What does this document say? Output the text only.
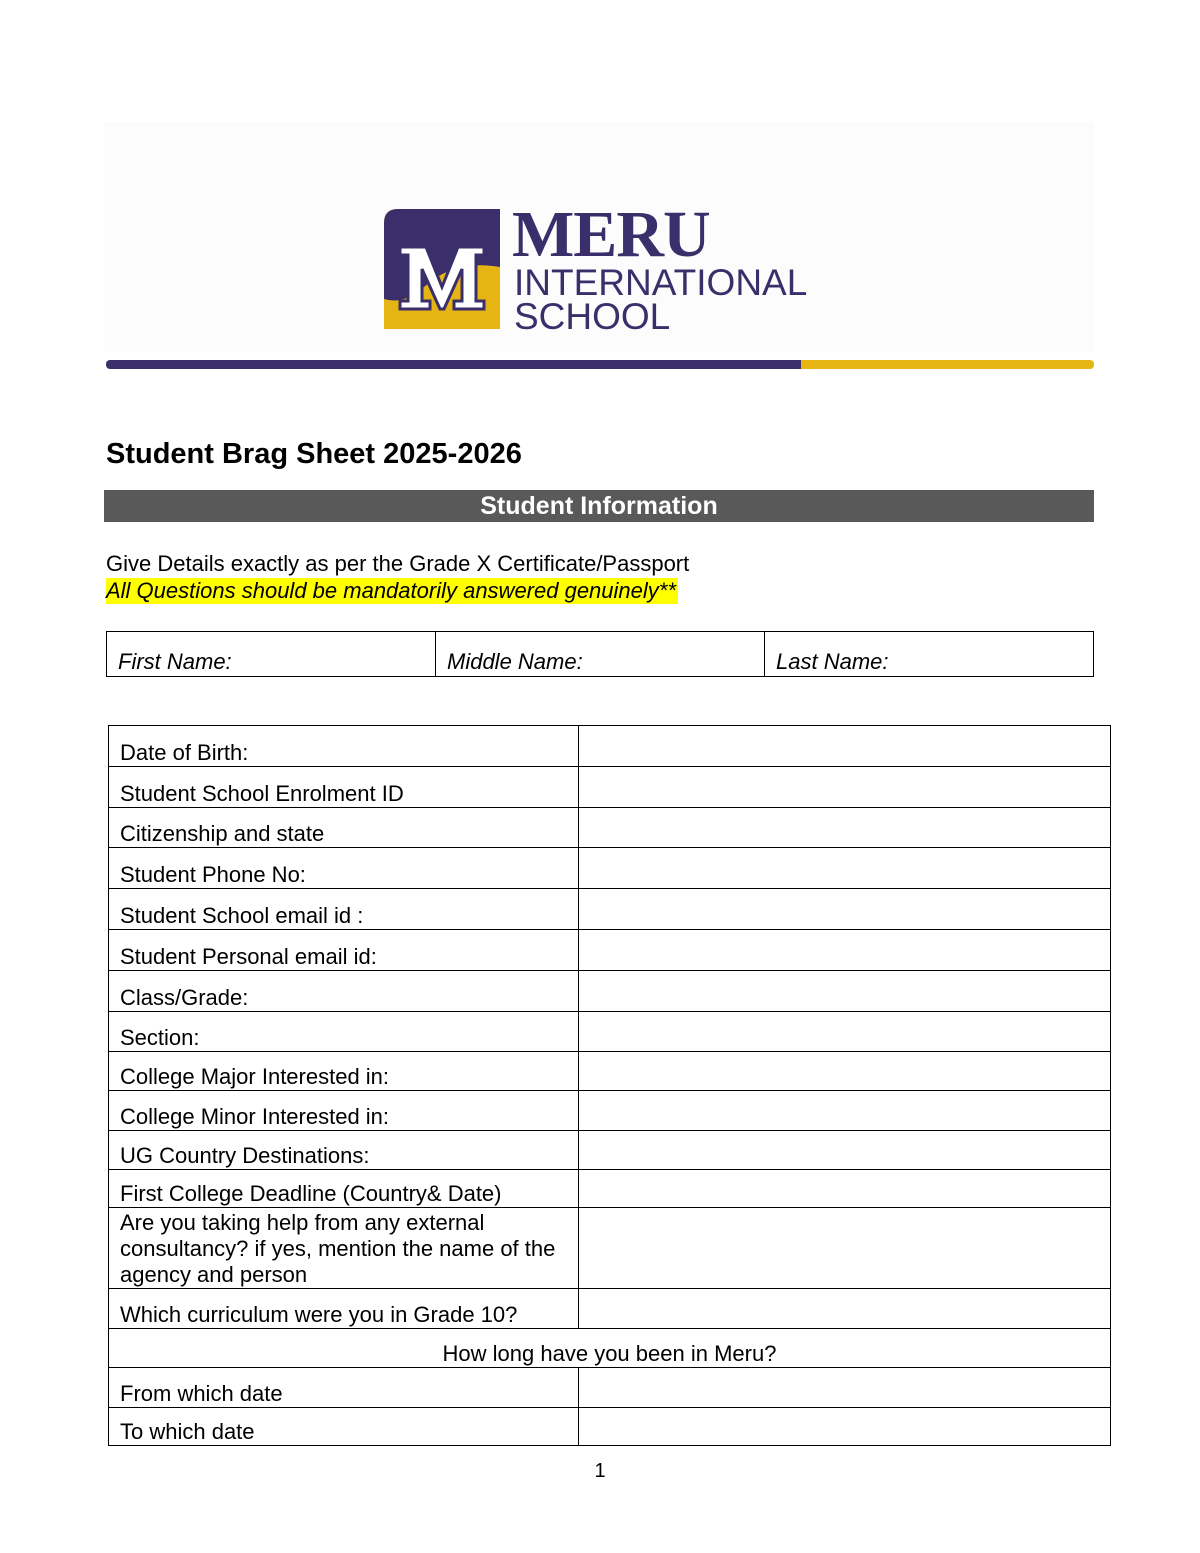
MERU
INTERNATIONAL
SCHOOL
Student Brag Sheet 2025-2026
Student Information
Give Details exactly as per the Grade X Certificate/Passport
All Questions should be mandatorily answered genuinely**
First Name:	Middle Name:	Last Name:
Date of Birth:	
Student School Enrolment ID	
Citizenship and state	
Student Phone No:	
Student School email id :	
Student Personal email id:	
Class/Grade:	
Section:	
College Major Interested in:	
College Minor Interested in:	
UG Country Destinations:	
First College Deadline (Country& Date)	
Are you taking help from any external consultancy? if yes, mention the name of the agency and person	
Which curriculum were you in Grade 10?	
How long have you been in Meru?	
From which date	
To which date	
1
